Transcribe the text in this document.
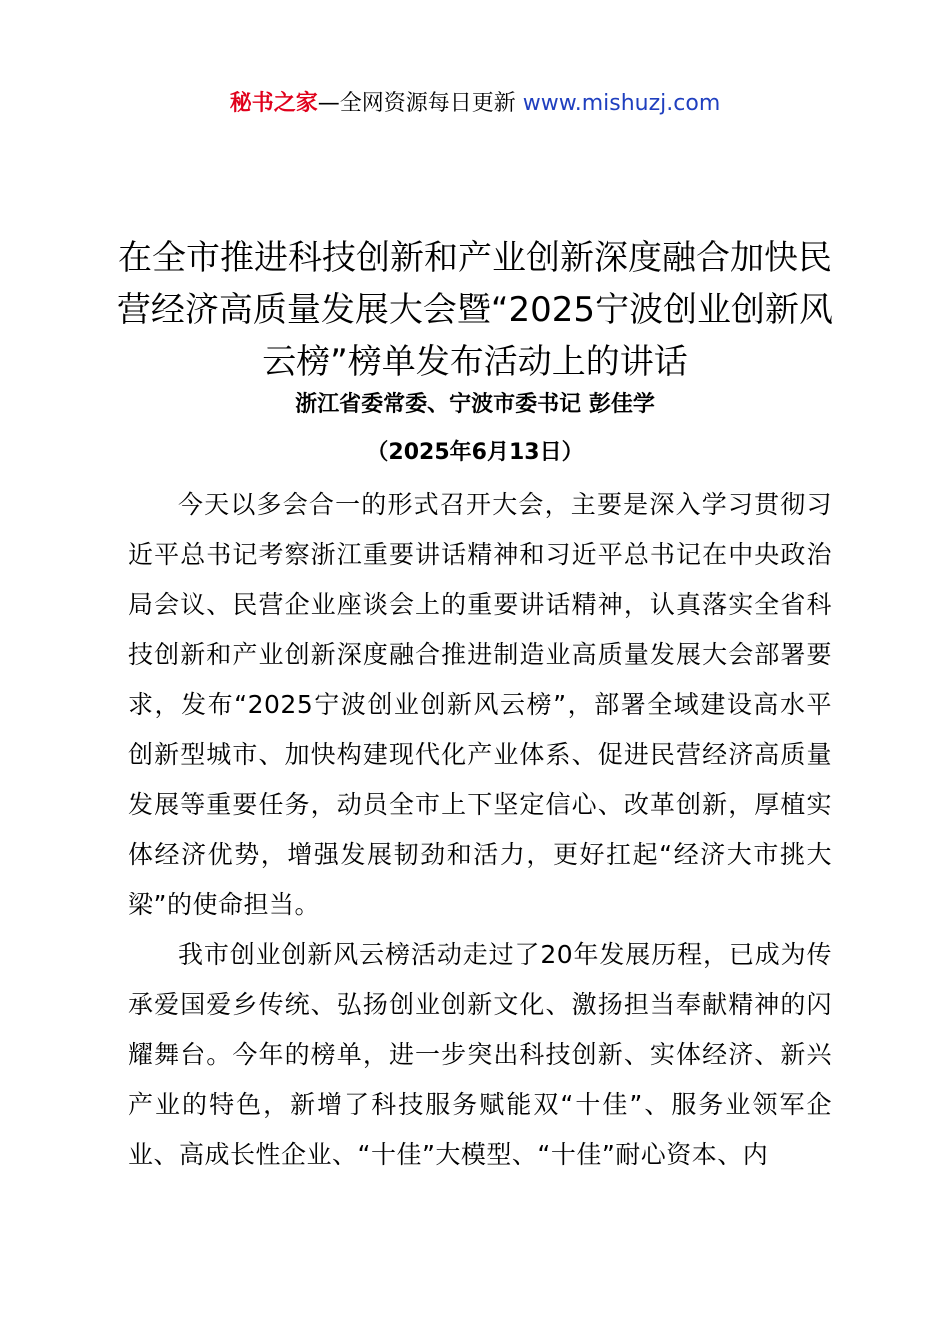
秘书之家—全网资源每日更新 www.mishuzj.com
在全市推进科技创新和产业创新深度融合加快民营经济高质量发展大会暨“2025宁波创业创新风云榜”榜单发布活动上的讲话
浙江省委常委、宁波市委书记 彭佳学
（2025年6月13日）

今天以多会合一的形式召开大会，主要是深入学习贯彻习近平总书记考察浙江重要讲话精神和习近平总书记在中央政治局会议、民营企业座谈会上的重要讲话精神，认真落实全省科技创新和产业创新深度融合推进制造业高质量发展大会部署要求，发布“2025宁波创业创新风云榜”，部署全域建设高水平创新型城市、加快构建现代化产业体系、促进民营经济高质量发展等重要任务，动员全市上下坚定信心、改革创新，厚植实体经济优势，增强发展韧劲和活力，更好扛起“经济大市挑大梁”的使命担当。

我市创业创新风云榜活动走过了20年发展历程，已成为传承爱国爱乡传统、弘扬创业创新文化、激扬担当奉献精神的闪耀舞台。今年的榜单，进一步突出科技创新、实体经济、新兴产业的特色，新增了科技服务赋能双“十佳”、服务业领军企业、高成长性企业、“十佳”大模型、“十佳”耐心资本、内
